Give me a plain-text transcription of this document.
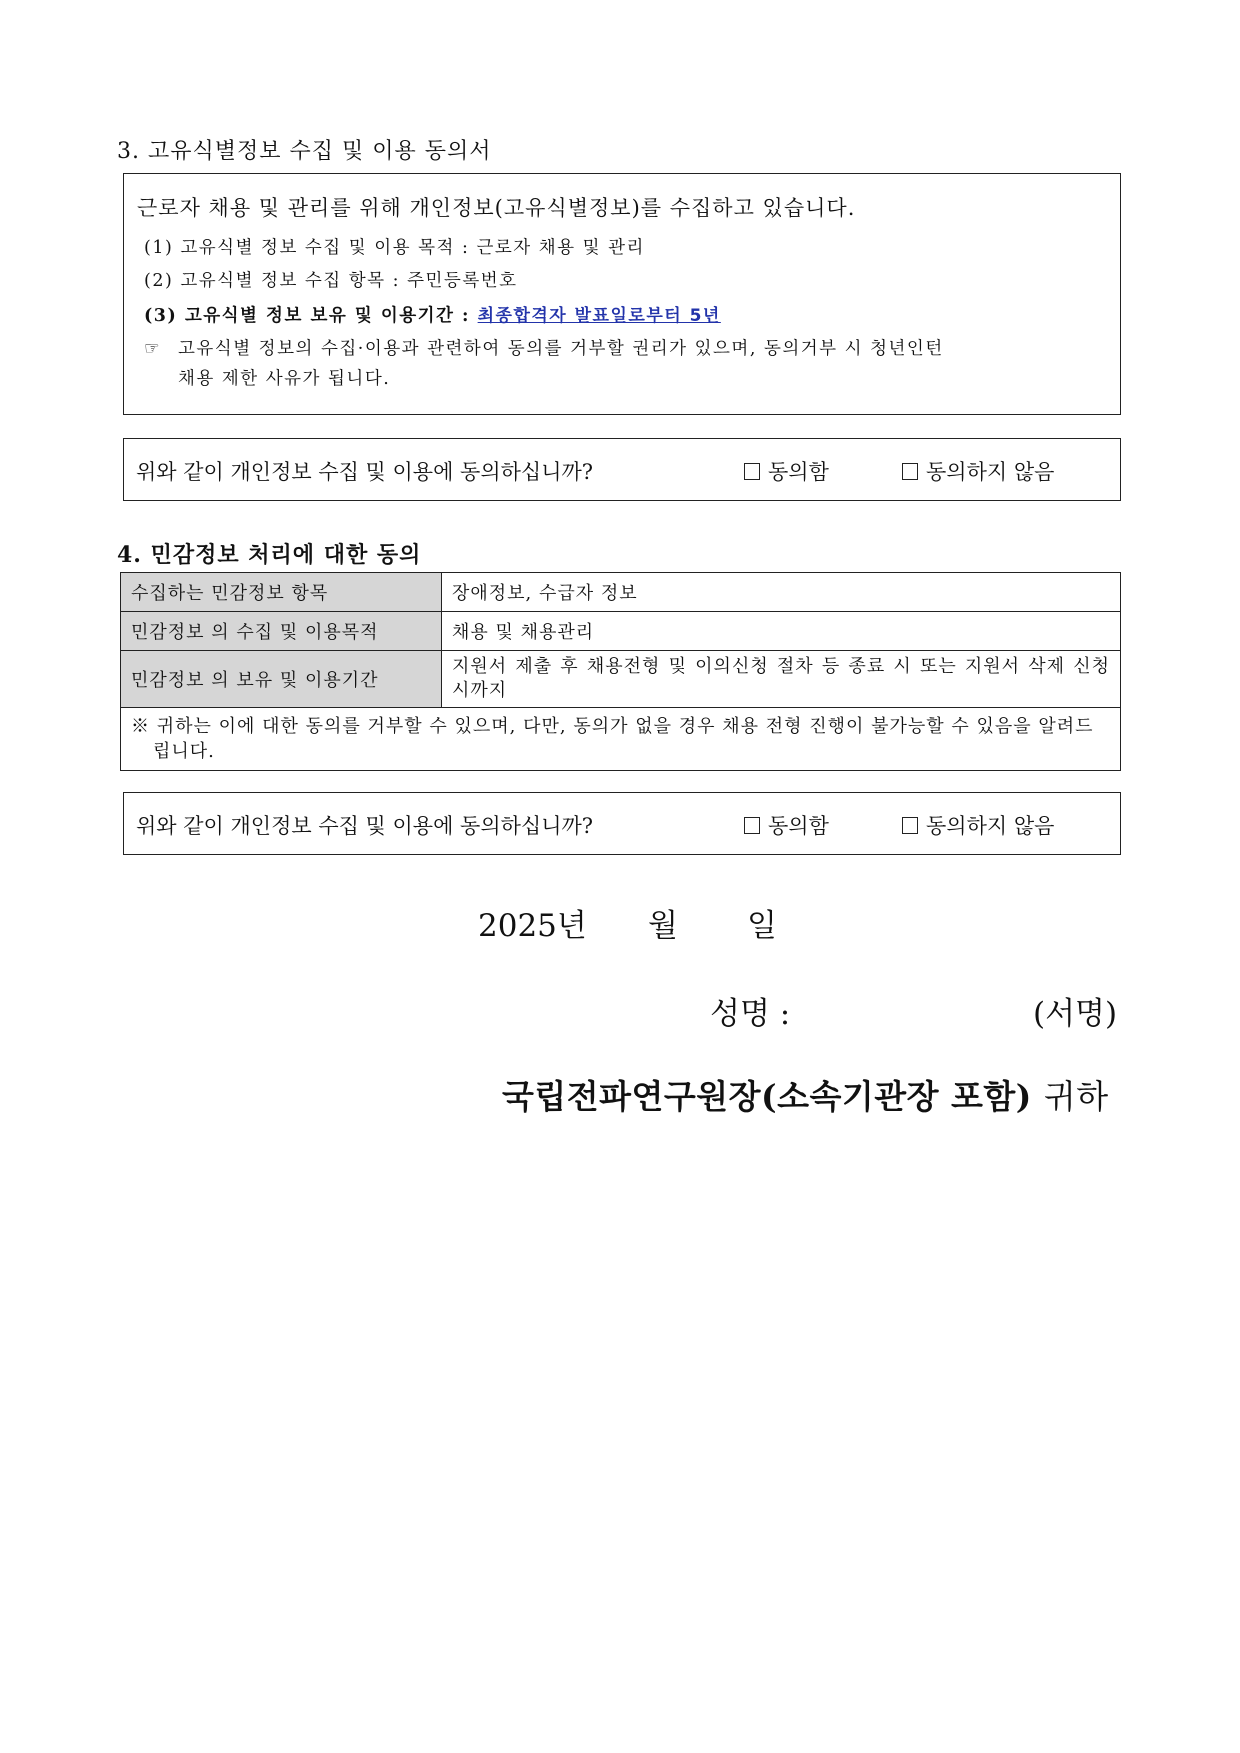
3. 고유식별정보 수집 및 이용 동의서
근로자 채용 및 관리를 위해 개인정보(고유식별정보)를 수집하고 있습니다.
(1) 고유식별 정보 수집 및 이용 목적 : 근로자 채용 및 관리
(2) 고유식별 정보 수집 항목 : 주민등록번호
(3) 고유식별 정보 보유 및 이용기간 : 최종합격자 발표일로부터 5년
☞ 고유식별 정보의 수집·이용과 관련하여 동의를 거부할 권리가 있으며, 동의거부 시 청년인턴
채용 제한 사유가 됩니다.
위와 같이 개인정보 수집 및 이용에 동의하십니까?	동의함	동의하지 않음
4. 민감정보 처리에 대한 동의
수집하는 민감정보 항목	장애정보, 수급자 정보
민감정보 의 수집 및 이용목적	채용 및 채용관리
민감정보 의 보유 및 이용기간	지원서 제출 후 채용전형 및 이의신청 절차 등 종료 시 또는 지원서 삭제 신청 시까지
※ 귀하는 이에 대한 동의를 거부할 수 있으며, 다만, 동의가 없을 경우 채용 전형 진행이 불가능할 수 있음을 알려드립니다.	
위와 같이 개인정보 수집 및 이용에 동의하십니까?	동의함	동의하지 않음
2025년 월 일
성명 :	(서명)
국립전파연구원장(소속기관장 포함) 귀하
